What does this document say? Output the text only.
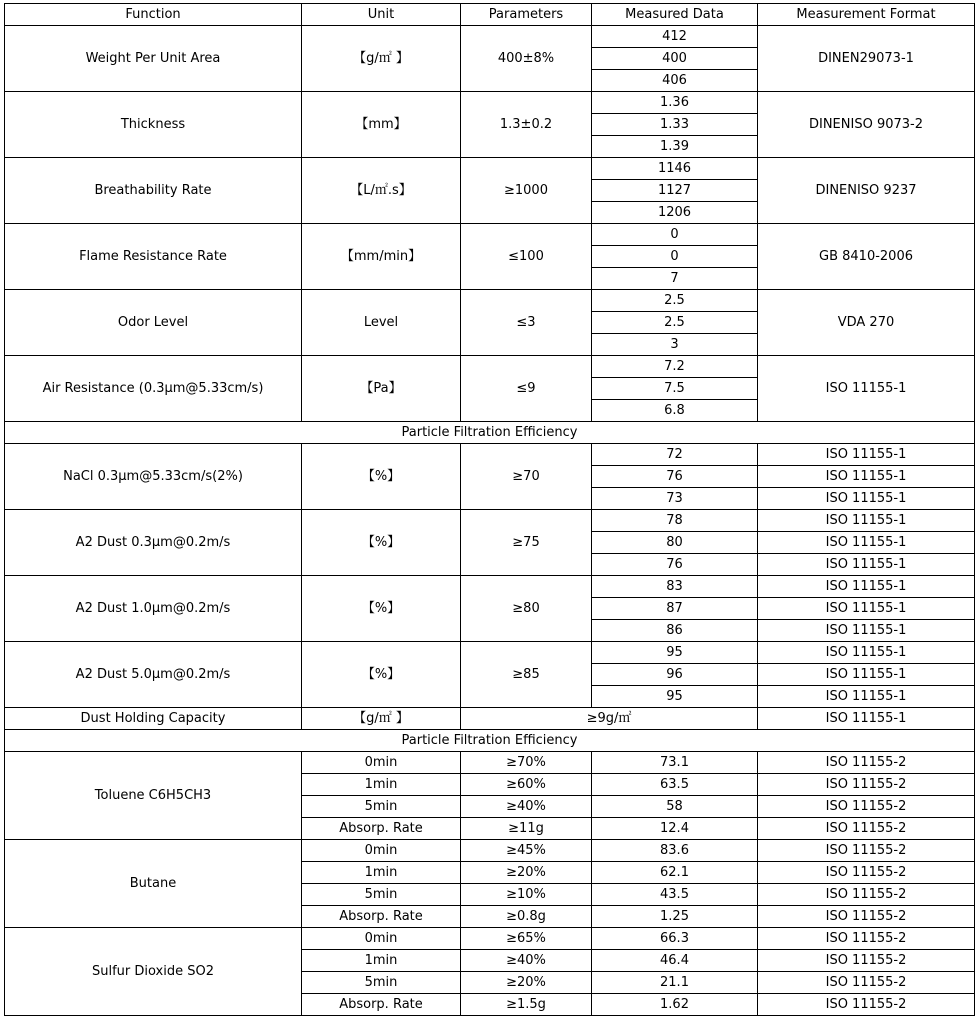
Function	Unit	Parameters	Measured Data	Measurement Format
Weight Per Unit Area	【g/㎡ 】	400±8%	412	DINEN29073-1
			400	
			406	
Thickness	【mm】	1.3±0.2	1.36	DINENISO 9073-2
			1.33	
			1.39	
Breathability Rate	【L/㎡.s】	≥1000	1146	DINENISO 9237
			1127	
			1206	
Flame Resistance Rate	【mm/min】	≤100	0	GB 8410-2006
			0	
			7	
Odor Level	Level	≤3	2.5	VDA 270
			2.5	
			3	
Air Resistance (0.3μm@5.33cm/s)	【Pa】	≤9	7.2	ISO 11155-1
			7.5	
			6.8	
Particle Filtration Efficiency				
NaCl 0.3μm@5.33cm/s(2%)	【%】	≥70	72	ISO 11155-1
			76	ISO 11155-1
			73	ISO 11155-1
A2 Dust 0.3μm@0.2m/s	【%】	≥75	78	ISO 11155-1
			80	ISO 11155-1
			76	ISO 11155-1
A2 Dust 1.0μm@0.2m/s	【%】	≥80	83	ISO 11155-1
			87	ISO 11155-1
			86	ISO 11155-1
A2 Dust 5.0μm@0.2m/s	【%】	≥85	95	ISO 11155-1
			96	ISO 11155-1
			95	ISO 11155-1
Dust Holding Capacity	【g/㎡ 】	≥9g/㎡		ISO 11155-1
Particle Filtration Efficiency				
Toluene C6H5CH3	0min	≥70%	73.1	ISO 11155-2
	1min	≥60%	63.5	ISO 11155-2
	5min	≥40%	58	ISO 11155-2
	Absorp. Rate	≥11g	12.4	ISO 11155-2
Butane	0min	≥45%	83.6	ISO 11155-2
	1min	≥20%	62.1	ISO 11155-2
	5min	≥10%	43.5	ISO 11155-2
	Absorp. Rate	≥0.8g	1.25	ISO 11155-2
Sulfur Dioxide SO2	0min	≥65%	66.3	ISO 11155-2
	1min	≥40%	46.4	ISO 11155-2
	5min	≥20%	21.1	ISO 11155-2
	Absorp. Rate	≥1.5g	1.62	ISO 11155-2
